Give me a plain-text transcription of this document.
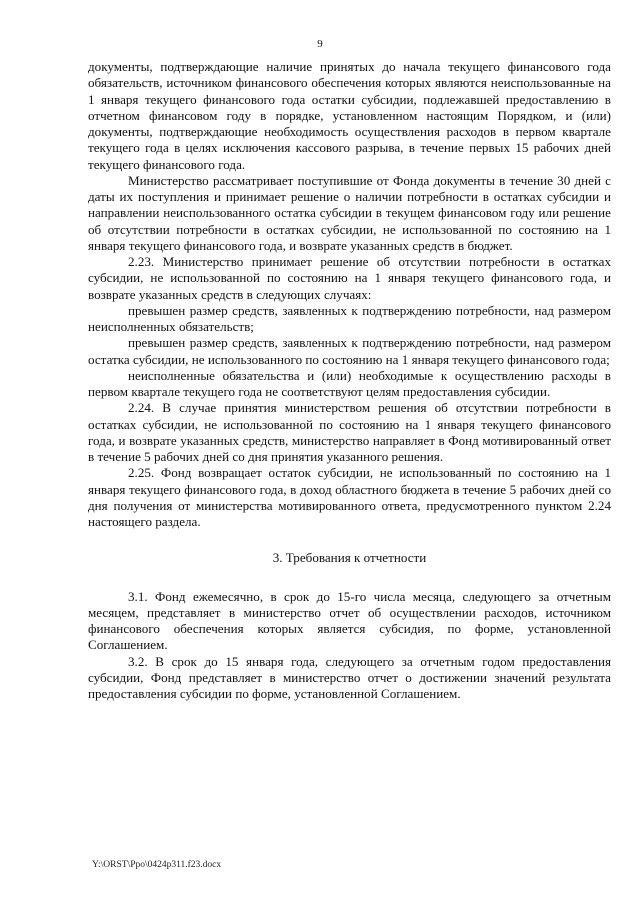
9

документы, подтверждающие наличие принятых до начала текущего финансового года обязательств, источником финансового обеспечения которых являются неиспользованные на 1 января текущего финансового года остатки субсидии, подлежавшей предоставлению в отчетном финансовом году в порядке, установленном настоящим Порядком, и (или) документы, подтверждающие необходимость осуществления расходов в первом квартале текущего года в целях исключения кассового разрыва, в течение первых 15 рабочих дней текущего финансового года.

Министерство рассматривает поступившие от Фонда документы в течение 30 дней с даты их поступления и принимает решение о наличии потребности в остатках субсидии и направлении неиспользованного остатка субсидии в текущем финансовом году или решение об отсутствии потребности в остатках субсидии, не использованной по состоянию на 1 января текущего финансового года, и возврате указанных средств в бюджет.

2.23. Министерство принимает решение об отсутствии потребности в остатках субсидии, не использованной по состоянию на 1 января текущего финансового года, и возврате указанных средств в следующих случаях:

превышен размер средств, заявленных к подтверждению потребности, над размером неисполненных обязательств;

превышен размер средств, заявленных к подтверждению потребности, над размером остатка субсидии, не использованного по состоянию на 1 января текущего финансового года;

неисполненные обязательства и (или) необходимые к осуществлению расходы в первом квартале текущего года не соответствуют целям предоставления субсидии.

2.24. В случае принятия министерством решения об отсутствии потребности в остатках субсидии, не использованной по состоянию на 1 января текущего финансового года, и возврате указанных средств, министерство направляет в Фонд мотивированный ответ в течение 5 рабочих дней со дня принятия указанного решения.

2.25. Фонд возвращает остаток субсидии, не использованный по состоянию на 1 января текущего финансового года, в доход областного бюджета в течение 5 рабочих дней со дня получения от министерства мотивированного ответа, предусмотренного пунктом 2.24 настоящего раздела.

3. Требования к отчетности

3.1. Фонд ежемесячно, в срок до 15-го числа месяца, следующего за отчетным месяцем, представляет в министерство отчет об осуществлении расходов, источником финансового обеспечения которых является субсидия, по форме, установленной Соглашением.

3.2. В срок до 15 января года, следующего за отчетным годом предоставления субсидии, Фонд представляет в министерство отчет о достижении значений результата предоставления субсидии по форме, установленной Соглашением.

Y:\ORST\Ppo\0424p311.f23.docx
